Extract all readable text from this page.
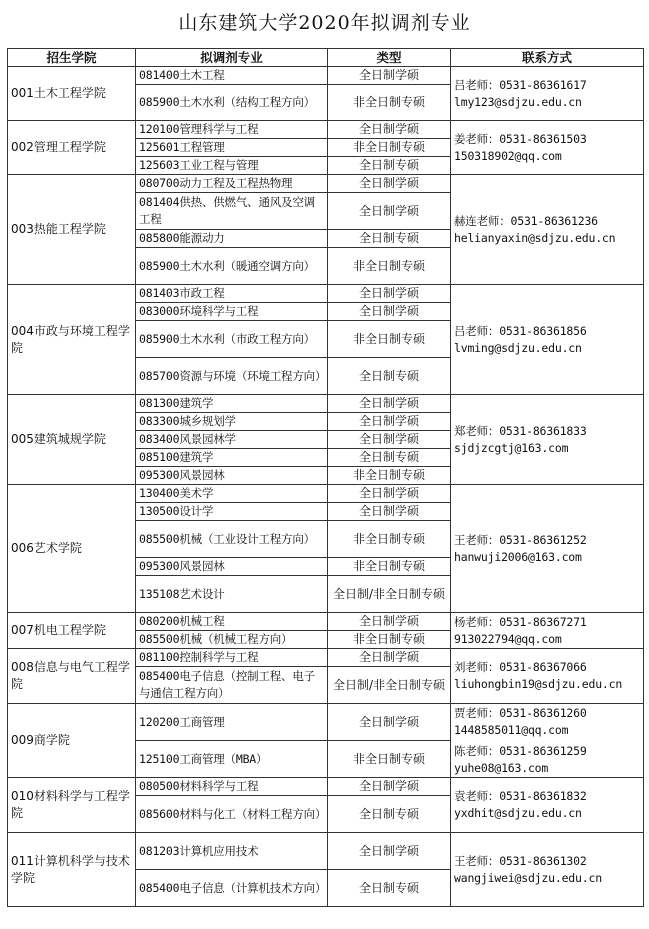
山东建筑大学2020年拟调剂专业
招生学院	拟调剂专业	类型	联系方式
001土木工程学院	081400土木工程	全日制学硕	吕老师：0531-86361617
lmy123@sdjzu.edu.cn

	085900土木水利（结构工程方向）	非全日制专硕	
002管理工程学院	120100管理科学与工程	全日制学硕	姜老师：0531-86361503
150318902@qq.com

	125601工程管理	非全日制专硕	
	125603工业工程与管理	全日制专硕	
003热能工程学院	080700动力工程及工程热物理	全日制学硕	赫连老师：0531-86361236
helianyaxin@sdjzu.edu.cn

	081404供热、供燃气、通风及空调工程	全日制学硕	
	085800能源动力	全日制专硕	
	085900土木水利（暖通空调方向）	非全日制专硕	
004市政与环境工程学院	081403市政工程	全日制学硕	吕老师：0531-86361856
lvming@sdjzu.edu.cn

	083000环境科学与工程	全日制学硕	
	085900土木水利（市政工程方向）	非全日制专硕	
	085700资源与环境（环境工程方向）	全日制专硕	
005建筑城规学院	081300建筑学	全日制学硕	郑老师：0531-86361833
sjdjzcgtj@163.com

	083300城乡规划学	全日制学硕	
	083400风景园林学	全日制学硕	
	085100建筑学	全日制专硕	
	095300风景园林	非全日制专硕	
006艺术学院	130400美术学	全日制学硕	王老师：0531-86361252
hanwuji2006@163.com

	130500设计学	全日制学硕	
	085500机械（工业设计工程方向）	非全日制专硕	
	095300风景园林	非全日制专硕	
	135108艺术设计	全日制/非全日制专硕	
007机电工程学院	080200机械工程	全日制学硕	杨老师：0531-86367271
913022794@qq.com

	085500机械（机械工程方向）	非全日制专硕	
008信息与电气工程学院	081100控制科学与工程	全日制学硕	刘老师：0531-86367066
liuhongbin19@sdjzu.edu.cn

	085400电子信息（控制工程、电子与通信工程方向）	全日制/非全日制专硕	
009商学院	120200工商管理	全日制学硕	贾老师：0531-86361260
1448585011@qq.com
陈老师：0531-86361259
yuhe08@163.com

	125100工商管理（MBA）	非全日制专硕	
010材料科学与工程学院	080500材料科学与工程	全日制学硕	袁老师：0531-86361832
yxdhit@sdjzu.edu.cn

	085600材料与化工（材料工程方向）	全日制专硕	
011计算机科学与技术学院	081203计算机应用技术	全日制学硕	王老师：0531-86361302
wangjiwei@sdjzu.edu.cn

	085400电子信息（计算机技术方向）	全日制专硕	
